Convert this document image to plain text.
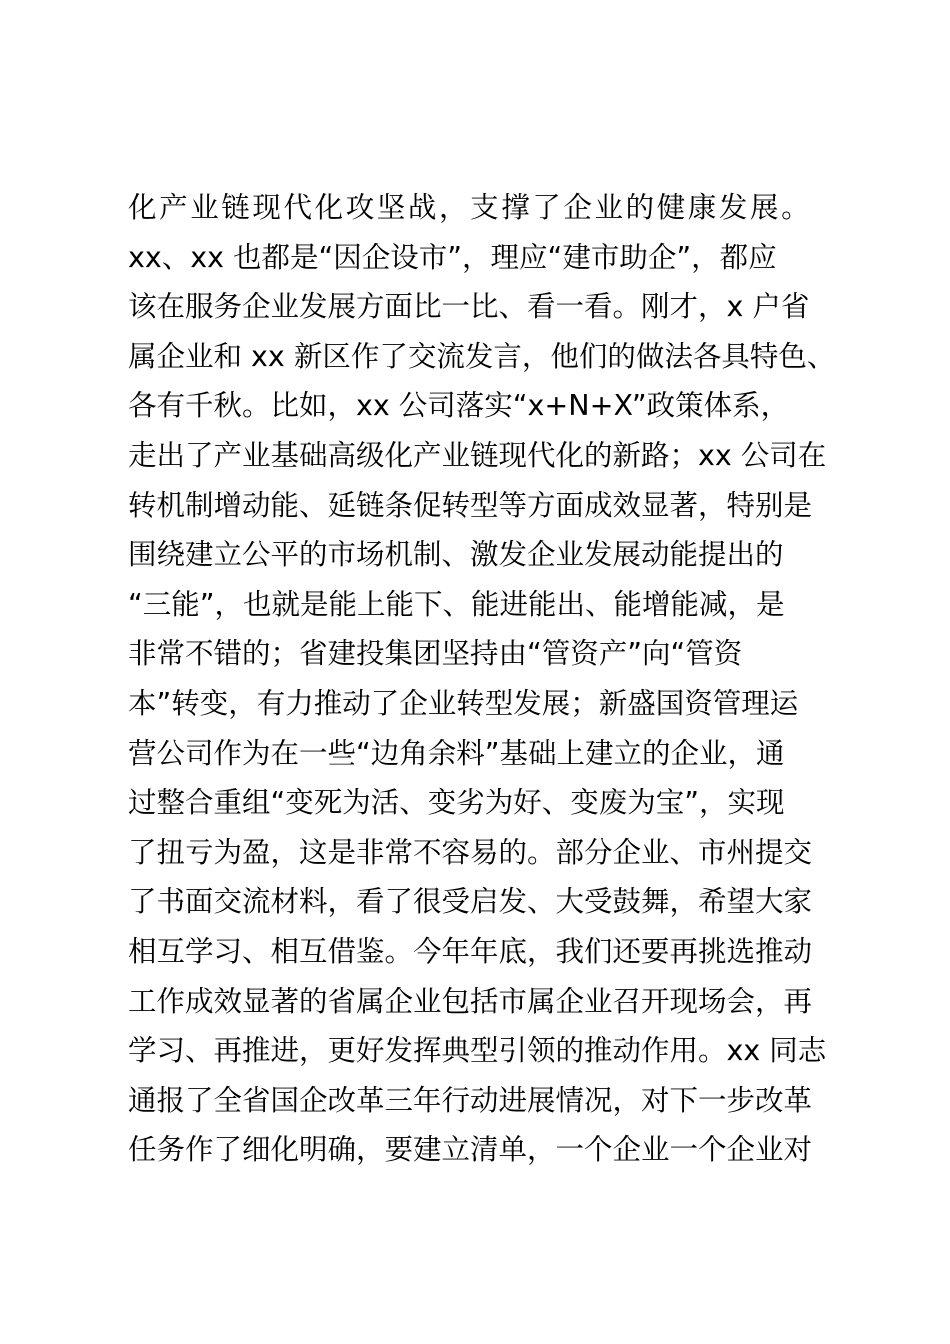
化产业链现代化攻坚战，支撑了企业的健康发展。
xx、xx 也都是“因企设市”，理应“建市助企”，都应
该在服务企业发展方面比一比、看一看。刚才，x 户省
属企业和 xx 新区作了交流发言，他们的做法各具特色、
各有千秋。比如，xx 公司落实“x+N+X”政策体系，
走出了产业基础高级化产业链现代化的新路；xx 公司在
转机制增动能、延链条促转型等方面成效显著，特别是
围绕建立公平的市场机制、激发企业发展动能提出的
“三能”，也就是能上能下、能进能出、能增能减，是
非常不错的；省建投集团坚持由“管资产”向“管资
本”转变，有力推动了企业转型发展；新盛国资管理运
营公司作为在一些“边角余料”基础上建立的企业，通
过整合重组“变死为活、变劣为好、变废为宝”，实现
了扭亏为盈，这是非常不容易的。部分企业、市州提交
了书面交流材料，看了很受启发、大受鼓舞，希望大家
相互学习、相互借鉴。今年年底，我们还要再挑选推动
工作成效显著的省属企业包括市属企业召开现场会，再
学习、再推进，更好发挥典型引领的推动作用。xx 同志
通报了全省国企改革三年行动进展情况，对下一步改革
任务作了细化明确，要建立清单，一个企业一个企业对
